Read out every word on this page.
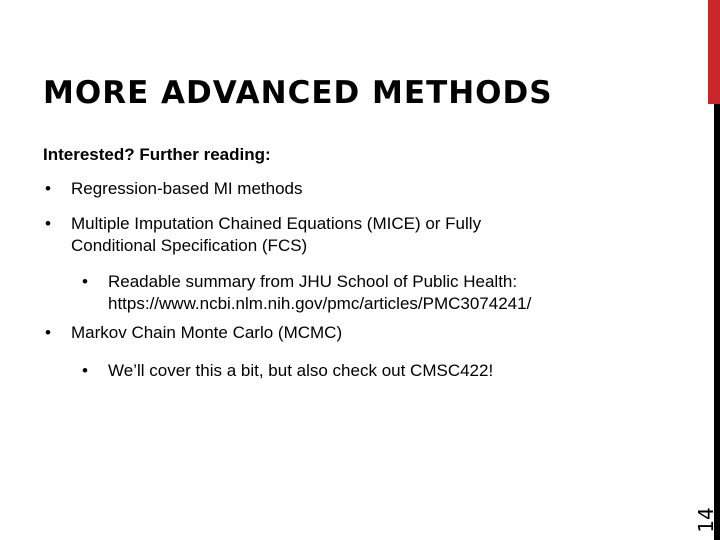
MORE ADVANCED METHODS
Interested? Further reading:
• Regression-based MI methods
• Multiple Imputation Chained Equations (MICE) or Fully
Conditional Specification (FCS)
• Readable summary from JHU School of Public Health:
https://www.ncbi.nlm.nih.gov/pmc/articles/PMC3074241/
• Markov Chain Monte Carlo (MCMC)
• We’ll cover this a bit, but also check out CMSC422!
14
